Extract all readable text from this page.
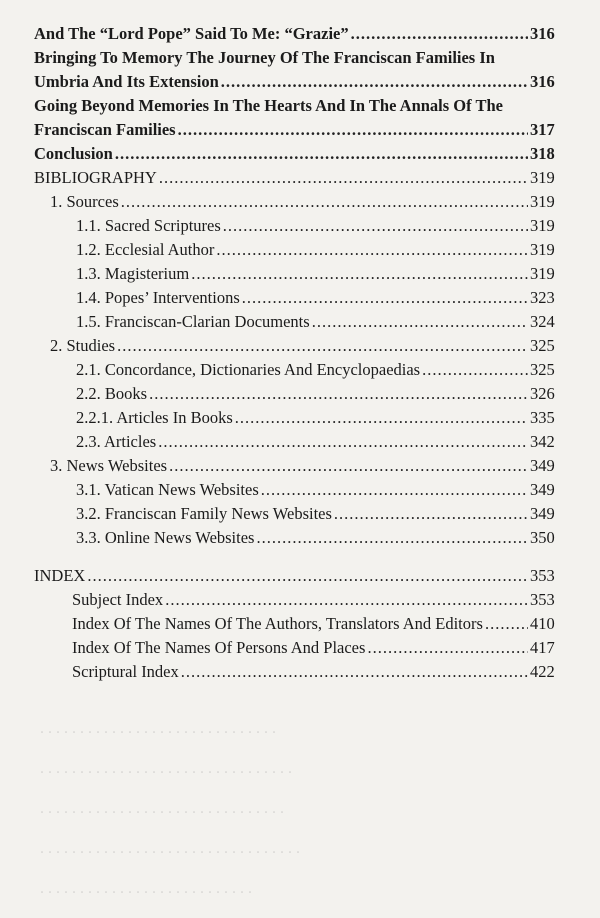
. . . . . . . . . . . . . . . . . . . . . . . . . . . . . .
. . . . . . . . . . . . . . . . . . . . . . . . . . . . . . . .
. . . . . . . . . . . . . . . . . . . . . . . . . . . . . . .
. . . . . . . . . . . . . . . . . . . . . . . . . . . . . . . . .
. . . . . . . . . . . . . . . . . . . . . . . . . . .
And The “Lord Pope” Said To Me: “Grazie” .....	316
Bringing To Memory The Journey Of The Franciscan Families In
Umbria And Its Extension .....	316
Going Beyond Memories In The Hearts And In The Annals Of The
Franciscan Families .....	317
Conclusion .....	318
BIBLIOGRAPHY .....	319
1. Sources .....	319
1.1. Sacred Scriptures .....	319
1.2. Ecclesial Author .....	319
1.3. Magisterium .....	319
1.4. Popes’ Interventions .....	323
1.5. Franciscan-Clarian Documents .....	324
2. Studies .....	325
2.1. Concordance, Dictionaries And Encyclopaedias .....	325
2.2. Books .....	326
2.2.1. Articles In Books .....	335
2.3. Articles .....	342
3. News Websites .....	349
3.1. Vatican News Websites .....	349
3.2. Franciscan Family News Websites .....	349
3.3. Online News Websites .....	350
INDEX .....	353
Subject Index .....	353
Index Of The Names Of The Authors, Translators And Editors .....	410
Index Of The Names Of Persons And Places .....	417
Scriptural Index .....	422
